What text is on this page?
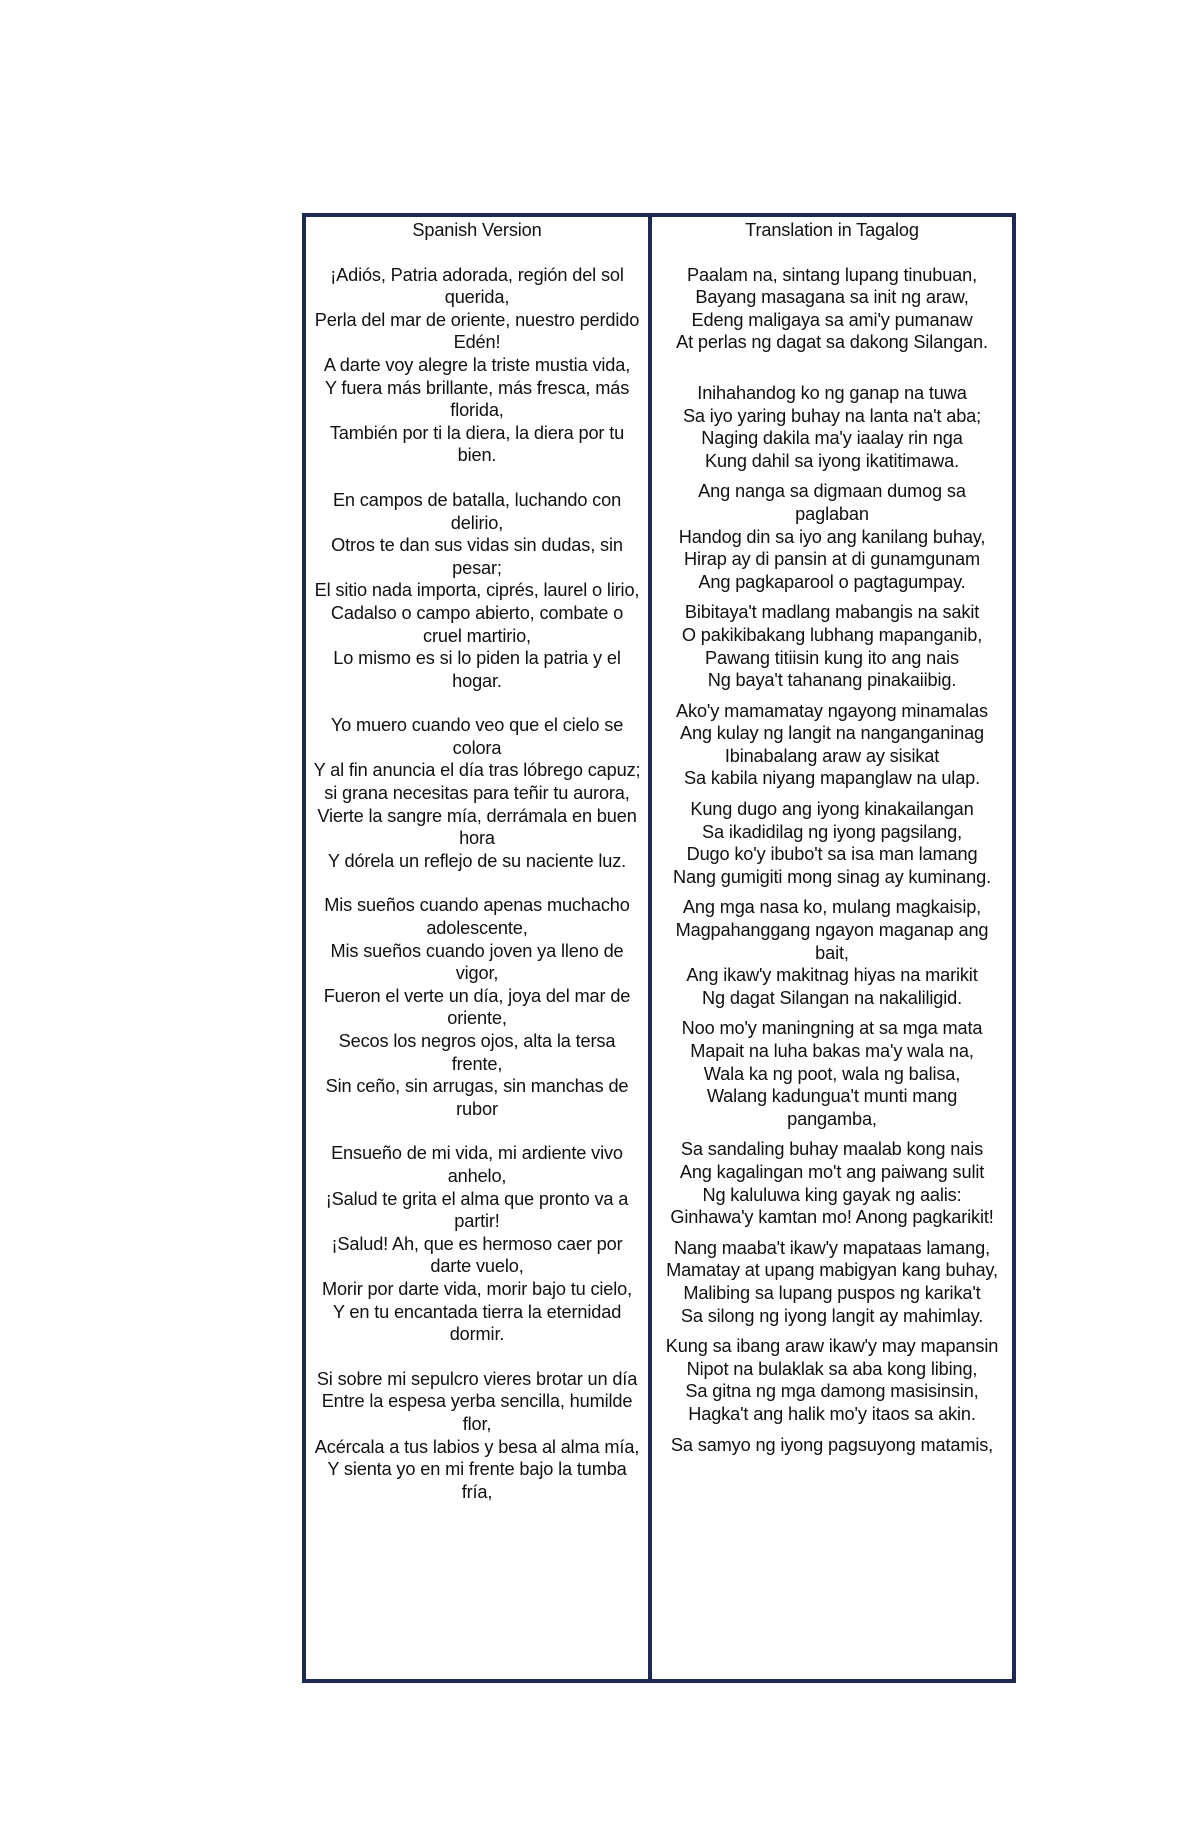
Spanish Version
¡Adiós, Patria adorada, región del sol querida,
Perla del mar de oriente, nuestro perdido Edén!
A darte voy alegre la triste mustia vida,
Y fuera más brillante, más fresca, más florida,
También por ti la diera, la diera por tu bien.
En campos de batalla, luchando con delirio,
Otros te dan sus vidas sin dudas, sin pesar;
El sitio nada importa, ciprés, laurel o lirio,
Cadalso o campo abierto, combate o cruel martirio,
Lo mismo es si lo piden la patria y el hogar.
Yo muero cuando veo que el cielo se colora
Y al fin anuncia el día tras lóbrego capuz;
si grana necesitas para teñir tu aurora,
Vierte la sangre mía, derrámala en buen hora
Y dórela un reflejo de su naciente luz.
Mis sueños cuando apenas muchacho adolescente,
Mis sueños cuando joven ya lleno de vigor,
Fueron el verte un día, joya del mar de oriente,
Secos los negros ojos, alta la tersa frente,
Sin ceño, sin arrugas, sin manchas de rubor
Ensueño de mi vida, mi ardiente vivo anhelo,
¡Salud te grita el alma que pronto va a partir!
¡Salud! Ah, que es hermoso caer por darte vuelo,
Morir por darte vida, morir bajo tu cielo,
Y en tu encantada tierra la eternidad dormir.
Si sobre mi sepulcro vieres brotar un día
Entre la espesa yerba sencilla, humilde flor,
Acércala a tus labios y besa al alma mía,
Y sienta yo en mi frente bajo la tumba fría,
Translation in Tagalog
Paalam na, sintang lupang tinubuan,
Bayang masagana sa init ng araw,
Edeng maligaya sa ami'y pumanaw
At perlas ng dagat sa dakong Silangan.
Inihahandog ko ng ganap na tuwa
Sa iyo yaring buhay na lanta na't aba;
Naging dakila ma'y iaalay rin nga
Kung dahil sa iyong ikatitimawa.
Ang nanga sa digmaan dumog sa paglaban
Handog din sa iyo ang kanilang buhay,
Hirap ay di pansin at di gunamgunam
Ang pagkaparool o pagtagumpay.
Bibitaya't madlang mabangis na sakit
O pakikibakang lubhang mapanganib,
Pawang titiisin kung ito ang nais
Ng baya't tahanang pinakaiibig.
Ako'y mamamatay ngayong minamalas
Ang kulay ng langit na nanganganinag
Ibinabalang araw ay sisikat
Sa kabila niyang mapanglaw na ulap.
Kung dugo ang iyong kinakailangan
Sa ikadidilag ng iyong pagsilang,
Dugo ko'y ibubo't sa isa man lamang
Nang gumigiti mong sinag ay kuminang.
Ang mga nasa ko, mulang magkaisip,
Magpahanggang ngayon maganap ang bait,
Ang ikaw'y makitnag hiyas na marikit
Ng dagat Silangan na nakaliligid.
Noo mo'y maningning at sa mga mata
Mapait na luha bakas ma'y wala na,
Wala ka ng poot, wala ng balisa,
Walang kadungua't munti mang pangamba,
Sa sandaling buhay maalab kong nais
Ang kagalingan mo't ang paiwang sulit
Ng kaluluwa king gayak ng aalis:
Ginhawa'y kamtan mo! Anong pagkarikit!
Nang maaba't ikaw'y mapataas lamang,
Mamatay at upang mabigyan kang buhay,
Malibing sa lupang puspos ng karika't
Sa silong ng iyong langit ay mahimlay.
Kung sa ibang araw ikaw'y may mapansin
Nipot na bulaklak sa aba kong libing,
Sa gitna ng mga damong masisinsin,
Hagka't ang halik mo'y itaos sa akin.
Sa samyo ng iyong pagsuyong matamis,
